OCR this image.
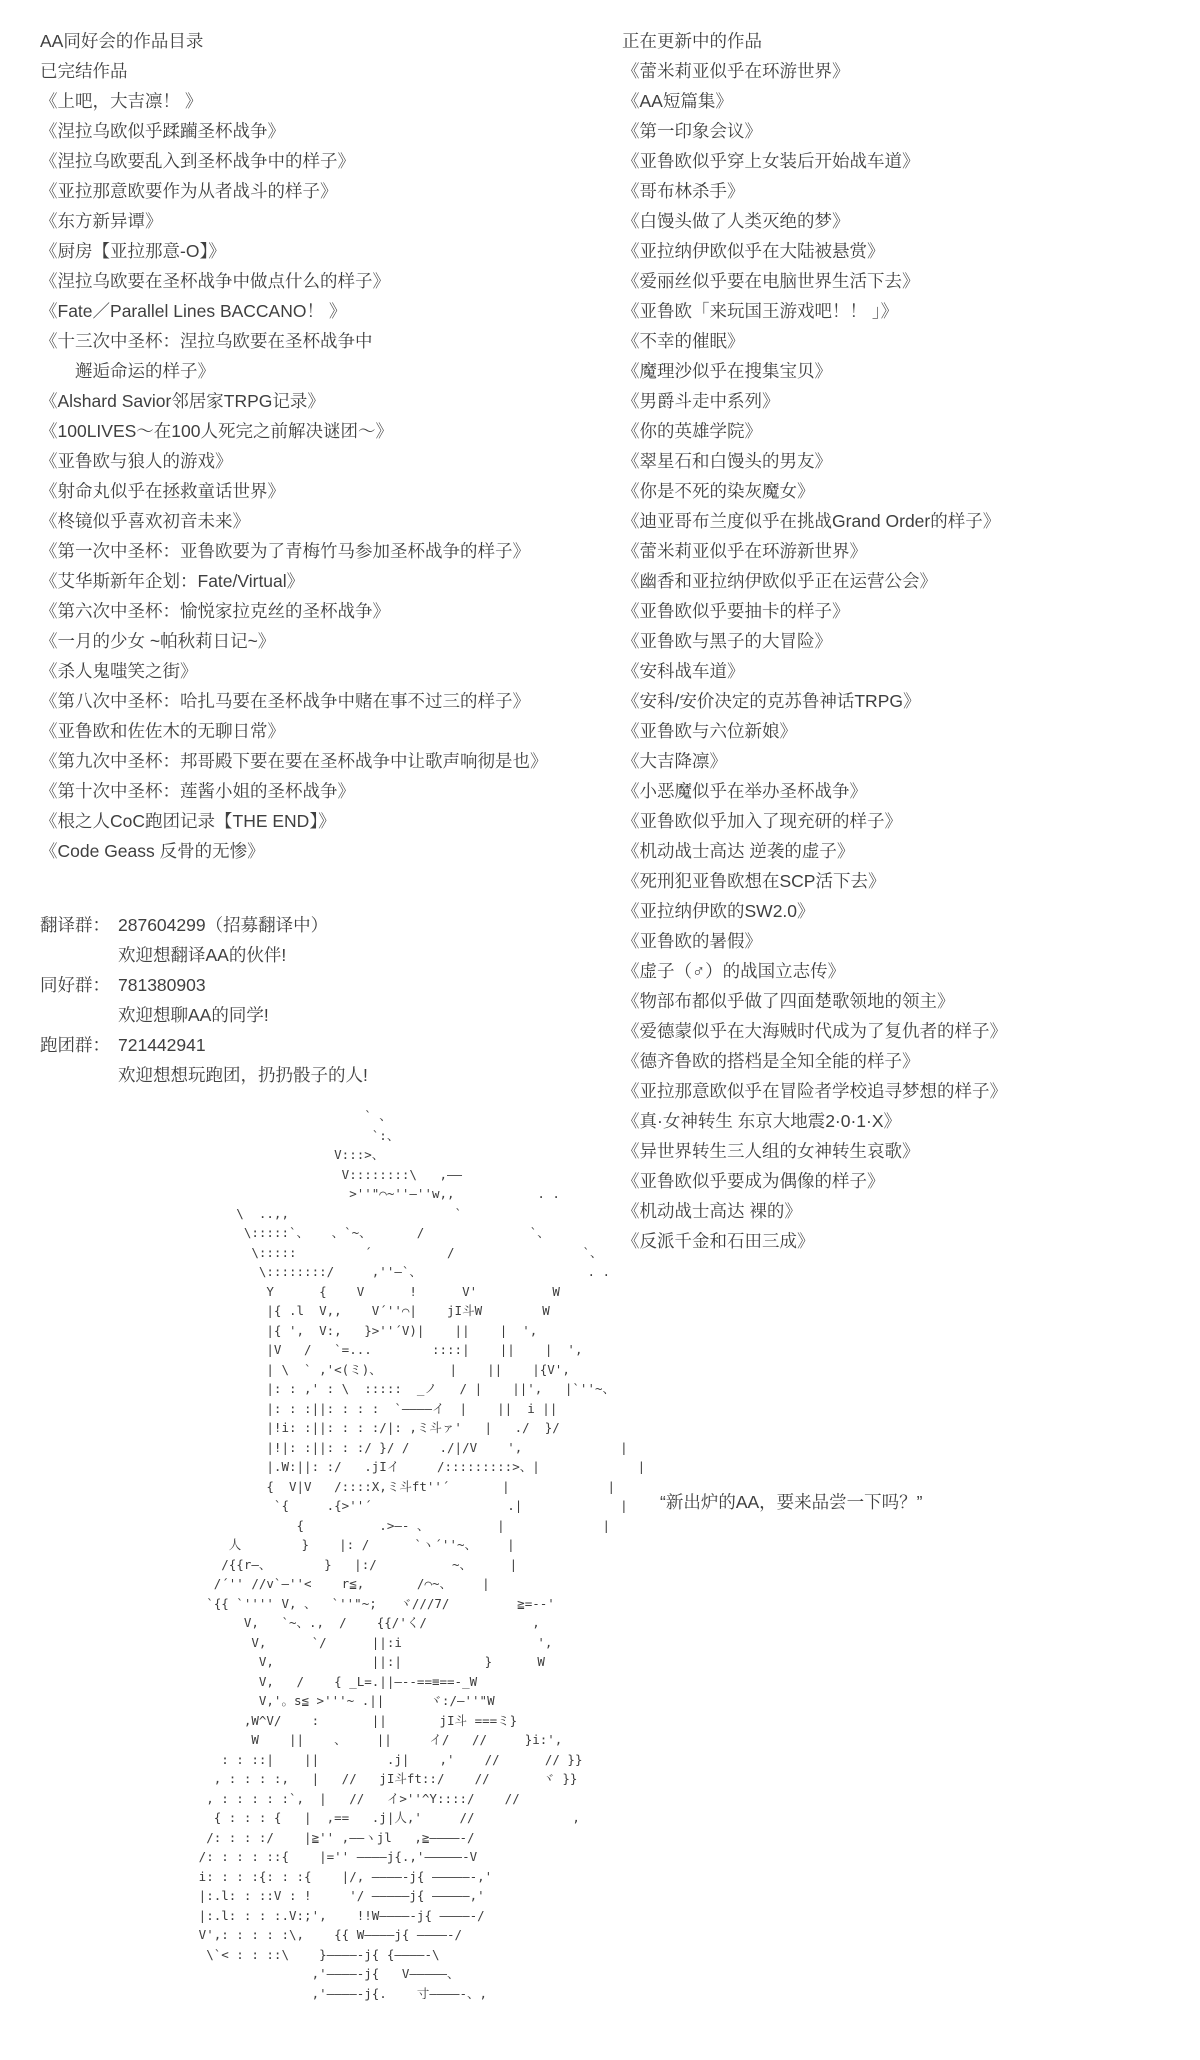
AA同好会的作品目录
已完结作品
《上吧，大吉凛！ 》
《涅拉乌欧似乎蹂躏圣杯战争》
《涅拉乌欧要乱入到圣杯战争中的样子》
《亚拉那意欧要作为从者战斗的样子》
《东方新异谭》
《厨房【亚拉那意-O】》
《涅拉乌欧要在圣杯战争中做点什么的样子》
《Fate／Parallel Lines BACCANO！ 》
《十三次中圣杯：涅拉乌欧要在圣杯战争中
　　邂逅命运的样子》
《Alshard Savior邻居家TRPG记录》
《100LIVES～在100人死完之前解决谜团～》
《亚鲁欧与狼人的游戏》
《射命丸似乎在拯救童话世界》
《柊镜似乎喜欢初音未来》
《第一次中圣杯：亚鲁欧要为了青梅竹马参加圣杯战争的样子》
《艾华斯新年企划：Fate/Virtual》
《第六次中圣杯：愉悦家拉克丝的圣杯战争》
《一月的少女 ~帕秋莉日记~》
《杀人鬼嗤笑之街》
《第八次中圣杯：哈扎马要在圣杯战争中赌在事不过三的样子》
《亚鲁欧和佐佐木的无聊日常》
《第九次中圣杯：邦哥殿下要在要在圣杯战争中让歌声响彻是也》
《第十次中圣杯：莲酱小姐的圣杯战争》
《根之人CoC跑团记录【THE END】》
《Code Geass 反骨的无惨》
翻译群： 287604299（招募翻译中）
欢迎想翻译AA的伙伴!
同好群： 781380903
欢迎想聊AA的同学!
跑团群： 721442941
欢迎想想玩跑团，扔扔骰子的人!
正在更新中的作品
《蕾米莉亚似乎在环游世界》
《AA短篇集》
《第一印象会议》
《亚鲁欧似乎穿上女装后开始战车道》
《哥布林杀手》
《白馒头做了人类灭绝的梦》
《亚拉纳伊欧似乎在大陆被悬赏》
《爱丽丝似乎要在电脑世界生活下去》
《亚鲁欧「来玩国王游戏吧！！ 」》
《不幸的催眠》
《魔理沙似乎在搜集宝贝》
《男爵斗走中系列》
《你的英雄学院》
《翠星石和白馒头的男友》
《你是不死的染灰魔女》
《迪亚哥布兰度似乎在挑战Grand Order的样子》
《蕾米莉亚似乎在环游新世界》
《幽香和亚拉纳伊欧似乎正在运营公会》
《亚鲁欧似乎要抽卡的样子》
《亚鲁欧与黑子的大冒险》
《安科战车道》
《安科/安价决定的克苏鲁神话TRPG》
《亚鲁欧与六位新娘》
《大吉降凛》
《小恶魔似乎在举办圣杯战争》
《亚鲁欧似乎加入了现充研的样子》
《机动战士高达 逆袭的虚子》
《死刑犯亚鲁欧想在SCP活下去》
《亚拉纳伊欧的SW2.0》
《亚鲁欧的暑假》
《虚子（♂）的战国立志传》
《物部布都似乎做了四面楚歌领地的领主》
《爱德蒙似乎在大海贼时代成为了复仇者的样子》
《德齐鲁欧的搭档是全知全能的样子》
《亚拉那意欧似乎在冒险者学校追寻梦想的样子》
《真·女神转生 东京大地震2·0·1·X》
《异世界转生三人组的女神转生哀歌》
《亚鲁欧似乎要成为偶像的样子》
《机动战士高达 裸的》
《反派千金和石田三成》
“新出炉的AA，要来品尝一下吗？”
` 、
`:、
V:::>、
V::::::::\   ,――
>''"⌒~''―''w,,           . .
\  ..,,                      `
\:::::`、   、`~、      /              `、
\:::::         ´          /                 `、
\::::::::/     ,''―`、                      . .
Y      {    V      !      V'          W
|{ .l  V,,    V´''⌒|    jI斗W        W
|{ ',  V:,   }>''´V)|    ||    |  ',
|V   /   `=...        ::::|    ||    |  ',
| \  ` ,'<(ミ)、         |    ||    |{V',
|: : ,' : \  :::::  _ノ   / |    ||',   |`''~、
|: : :||: : : :  `――――イ  |    ||  i ||
|!i: :||: : : :/|: ,ミ斗ァ'   |   ./  }/
|!|: :||: : :/ }/ /    ./|/V    ',             |
|.W:||: :/   .jIイ     /:::::::::>、|             |
{  V|V   /::::X,ミ斗ft''´       |             |
`{     .{>''´                  .|             |
{          .>―- 、         |             |
人        }    |: /      `ヽ´''~、    |
/{{r―、       }   |:/          ~、     |
/´'' //v`―''<    r≦,       /⌒~、    |
`{{ `'''' V, 、  `''"~;   ヾ///7/         ≧=--'
V,   `~、.,  /    {{/'く/              ,
V,      `/      ||:i                  ',
V,             ||:|           }      W
V,   /    { _L=.||―--==≡==-_W
V,'。s≦ >'''~ .||      ヾ:/―''"W
,W^V/    :       ||       jI斗 ===ミ}
W    ||    、    ||     イ/   //     }i:',
: : ::|    ||         .j|    ,'    //      // }}
, : : : :,   |   //   jI斗ft::/    //       ヾ }}
, : : : : :`,  |   //   イ>''^Y::::/    //
{ : : : {   |  ,==   .j|人,'     //             ,
/: : : :/    |≧'' ,――ヽjl   ,≧――――-/
/: : : : ::{    |='' ――――j{.,'―――――-V
i: : : :{: : :{    |/, ――――‐j{ ―――――-,'
|:.l: : ::V : !     '/ ―――――j{ ―――――,'
|:.l: : : :.V:;',    !!W――――‐j{ ――――-/
V',: : : : :\,    {{ W――――j{ ――――-/
\`< : : ::\    }――――‐j{ {――――-\
,'――――‐j{   V―――――、
,'――――‐j{.    寸――――-、,
